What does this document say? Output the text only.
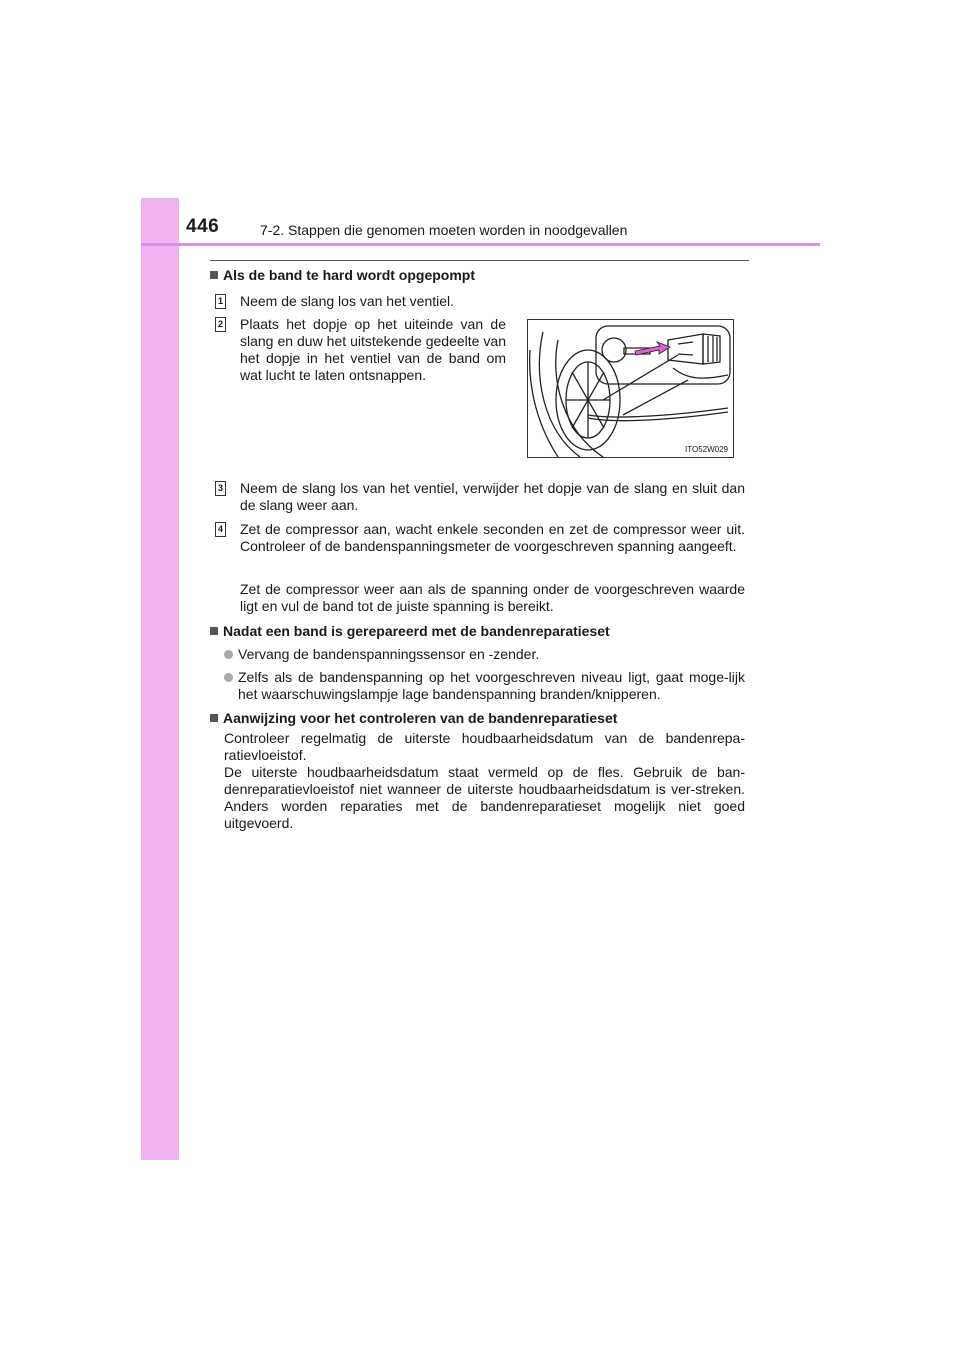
446	7-2. Stappen die genomen moeten worden in noodgevallen
Als de band te hard wordt opgepompt
1 Neem de slang los van het ventiel.
2 Plaats het dopje op het uiteinde van de slang en duw het uitstekende gedeelte van het dopje in het ventiel van de band om wat lucht te laten ontsnappen.
ITO52W029
3 Neem de slang los van het ventiel, verwijder het dopje van de slang en sluit dan de slang weer aan.
4 Zet de compressor aan, wacht enkele seconden en zet de compressor weer uit. Controleer of de bandenspanningsmeter de voorgeschreven spanning aangeeft.
Zet de compressor weer aan als de spanning onder de voorgeschreven waarde ligt en vul de band tot de juiste spanning is bereikt.
Nadat een band is gerepareerd met de bandenreparatieset
Vervang de bandenspanningssensor en -zender.
Zelfs als de bandenspanning op het voorgeschreven niveau ligt, gaat moge-lijk het waarschuwingslampje lage bandenspanning branden/knipperen.
Aanwijzing voor het controleren van de bandenreparatieset
Controleer regelmatig de uiterste houdbaarheidsdatum van de bandenrepa-ratievloeistof.
De uiterste houdbaarheidsdatum staat vermeld op de fles. Gebruik de ban-denreparatievloeistof niet wanneer de uiterste houdbaarheidsdatum is ver-streken. Anders worden reparaties met de bandenreparatieset mogelijk niet goed uitgevoerd.
